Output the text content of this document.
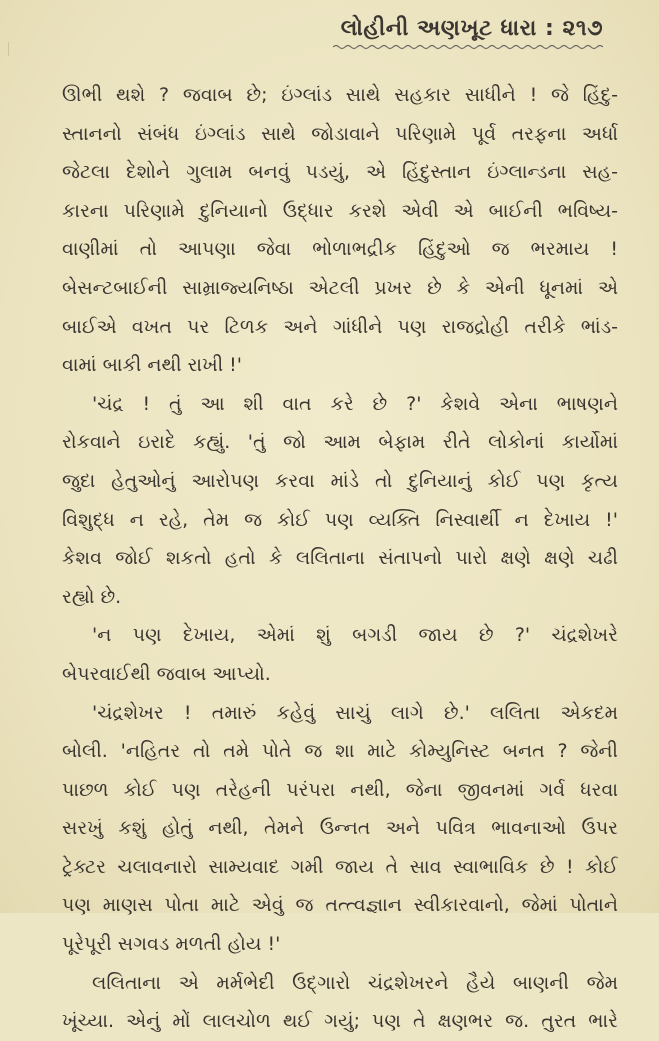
લોહીની અણખૂટ ધારા : ૨૧૭
ઊભી થશે ? જવાબ છે; ઇંગ્લાંડ સાથે સહકાર સાધીને ! જે હિંદુ-
સ્તાનનો સંબંધ ઇંગ્લાંડ સાથે જોડાવાને પરિણામે પૂર્વ તરફના અર્ધા
જેટલા દેશોને ગુલામ બનવું પડયું, એ હિંદુસ્તાન ઇંગ્લાન્ડના સહ-
કારના પરિણામે દુનિયાનો ઉદ્ધાર કરશે એવી એ બાઈની ભવિષ્ય-
વાણીમાં તો આપણા જેવા ભોળાભદ્રીક હિંદુઓ જ ભરમાય !
બેસન્ટબાઈની સામ્રાજ્યનિષ્ઠા એટલી પ્રખર છે કે એની ધૂનમાં એ
બાઈએ વખત પર ટિળક અને ગાંધીને પણ રાજદ્રોહી તરીકે ભાંડ-
વામાં બાકી નથી રાખી !'
'ચંદ્ર ! તું આ શી વાત કરે છે ?' કેશવે એના ભાષણને
રોકવાને ઇરાદે કહ્યું. 'તું જો આમ બેફામ રીતે લોકોનાં કાર્યોમાં
જુદા હેતુઓનું આરોપણ કરવા માંડે તો દુનિયાનું કોઈ પણ કૃત્ય
વિશુદ્ધ ન રહે, તેમ જ કોઈ પણ વ્યક્તિ નિસ્વાર્થી ન દેખાય !'
કેશવ જોઈ શકતો હતો કે લલિતાના સંતાપનો પારો ક્ષણે ક્ષણે ચઢી
રહ્યો છે.
'ન પણ દેખાય, એમાં શું બગડી જાય છે ?' ચંદ્રશેખરે
બેપરવાઈથી જવાબ આપ્યો.
'ચંદ્રશેખર ! તમારું કહેવું સાચું લાગે છે.' લલિતા એકદમ
બોલી. 'નહિતર તો તમે પોતે જ શા માટે કોમ્યુનિસ્ટ બનત ? જેની
પાછળ કોઈ પણ તરેહની પરંપરા નથી, જેના જીવનમાં ગર્વ ધરવા
સરખું કશું હોતું નથી, તેમને ઉન્નત અને પવિત્ર ભાવનાઓ ઉપર
ટ્રેક્ટર ચલાવનારો સામ્યવાદ ગમી જાય તે સાવ સ્વાભાવિક છે ! કોઈ
પણ માણસ પોતા માટે એવું જ તત્ત્વજ્ઞાન સ્વીકારવાનો, જેમાં પોતાને
પૂરેપૂરી સગવડ મળતી હોય !'
લલિતાના એ મર્મભેદી ઉદ્ગારો ચંદ્રશેખરને હૈયે બાણની જેમ
ખૂંચ્યા. એનું મોં લાલચોળ થઈ ગયું; પણ તે ક્ષણભર જ. તુરત ભારે
